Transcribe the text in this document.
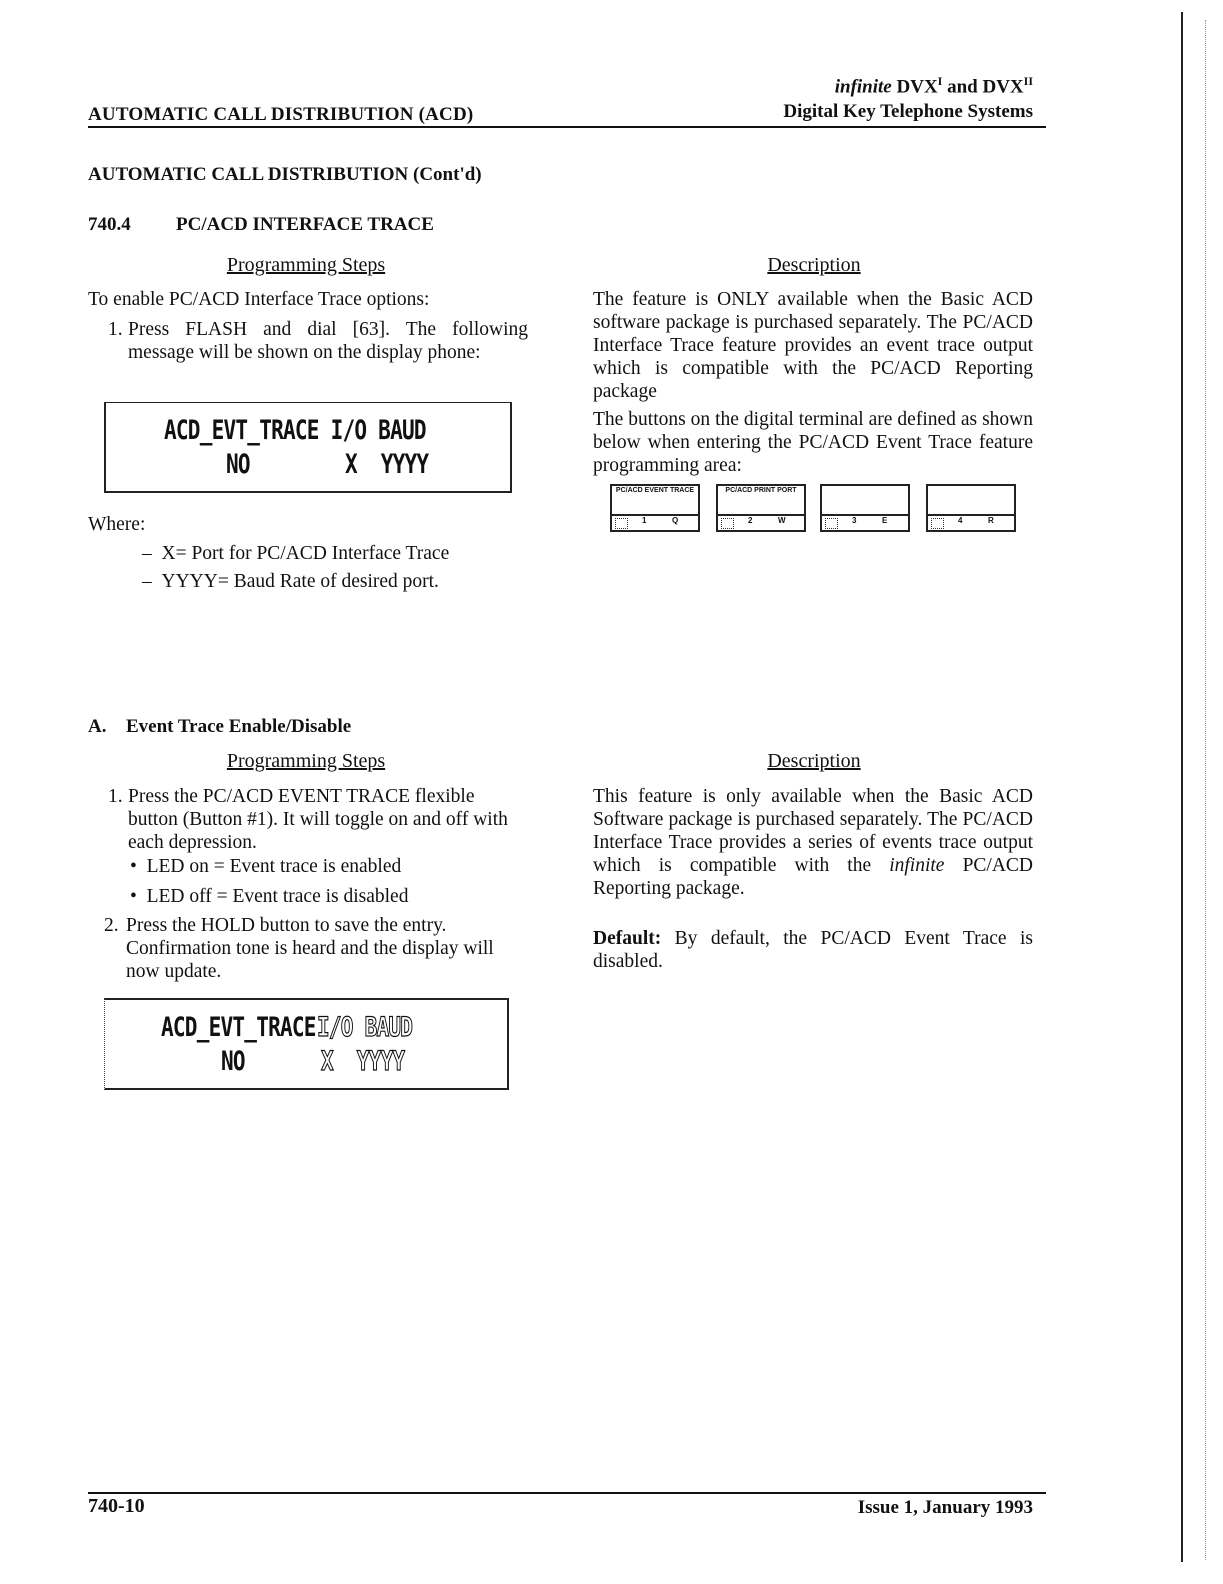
AUTOMATIC CALL DISTRIBUTION (ACD)
infinite $DVX^I$ and $DVX^{II}$
Digital Key Telephone Systems
AUTOMATIC CALL DISTRIBUTION (Cont'd)
740.4 PC/ACD INTERFACE TRACE
Programming Steps
To enable PC/ACD Interface Trace options:
1. Press FLASH and dial [63]. The following message will be shown on the display phone:
ACD_EVT_TRACE I/O BAUD
NO        X  YYYY
Where:
–  X= Port for PC/ACD Interface Trace
–  YYYY= Baud Rate of desired port.
Description
The feature is ONLY available when the Basic ACD software package is purchased separately. The PC/ACD Interface Trace feature provides an event trace output which is compatible with the PC/ACD Reporting package
The buttons on the digital terminal are defined as shown below when entering the PC/ACD Event Trace feature programming area:
PC/ACD EVENT TRACE
1	Q
PC/ACD PRINT PORT
2	W	3	E	4	R
A. Event Trace Enable/Disable
Programming Steps
1. Press the PC/ACD EVENT TRACE flexible button (Button #1). It will toggle on and off with each depression.
•  LED on = Event trace is enabled
•  LED off = Event trace is disabled
2. Press the HOLD button to save the entry. Confirmation tone is heard and the display will now update.
ACD_EVT_TRACE I/O BAUD
NO	X  YYYY
Description
This feature is only available when the Basic ACD Software package is purchased separately. The PC/ACD Interface Trace provides a series of events trace output which is compatible with the infinite PC/ACD Reporting package.
Default: By default, the PC/ACD Event Trace is disabled.
740-10	Issue 1, January 1993
